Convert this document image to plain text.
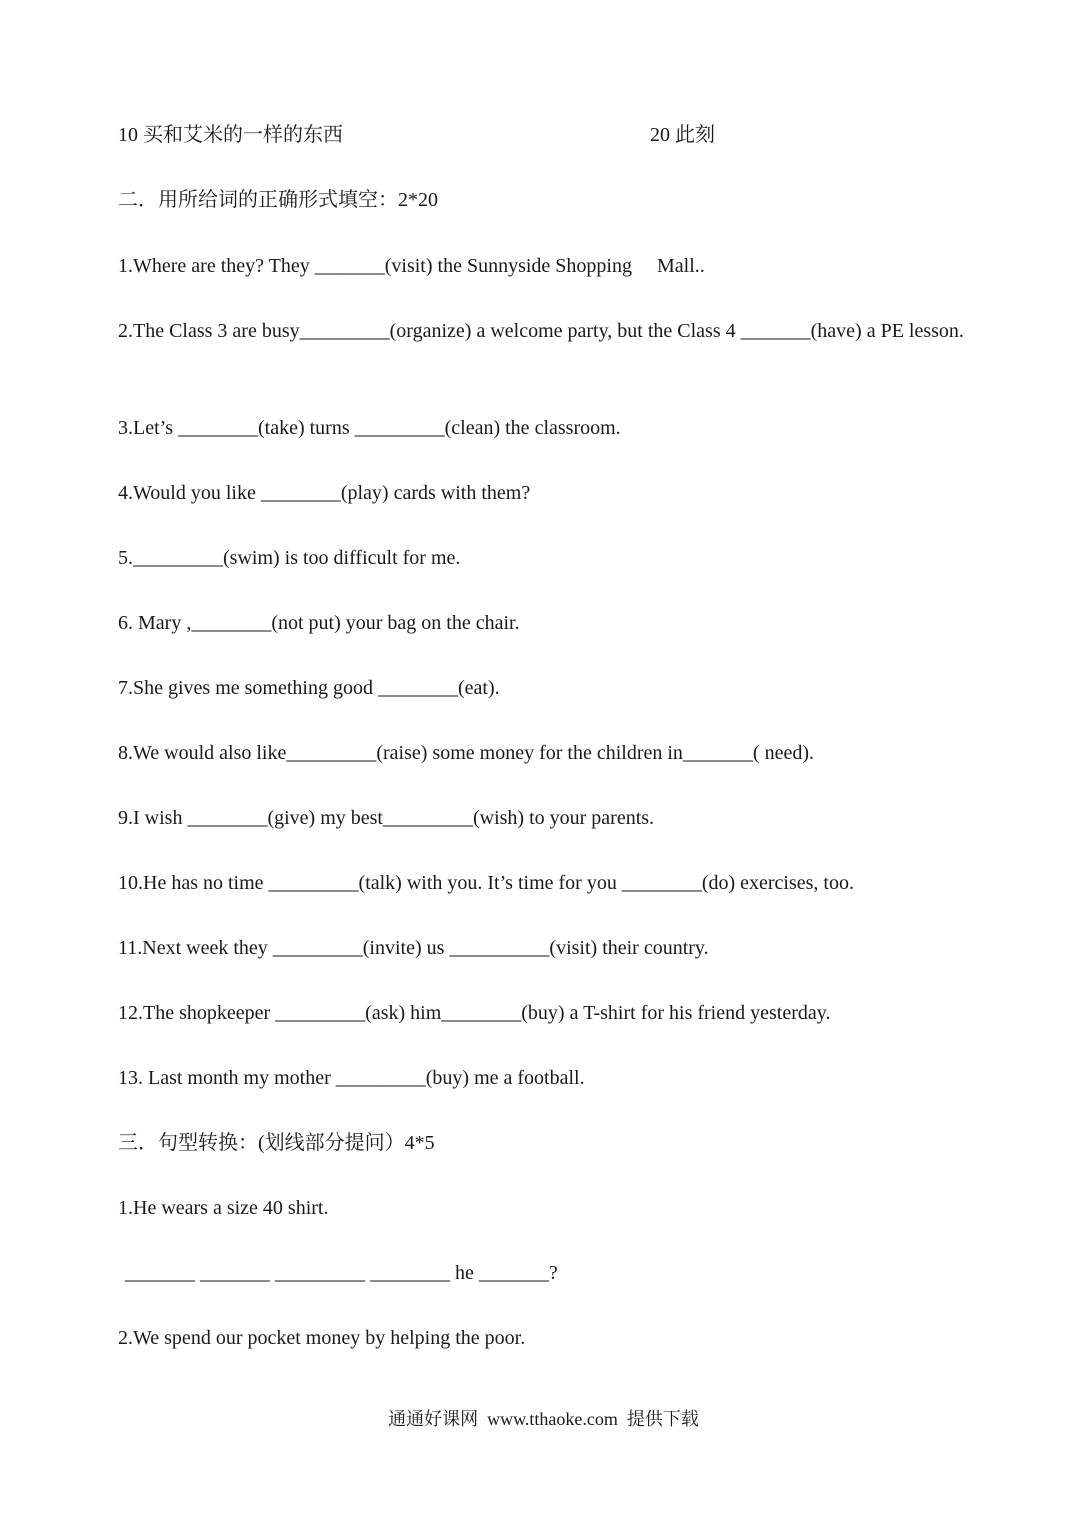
10 买和艾米的一样的东西	20 此刻
二．用所给词的正确形式填空：2*20
1.Where are they? They _______(visit) the Sunnyside Shopping     Mall..
2.The Class 3 are busy_________(organize) a welcome party, but the Class 4 _______(have) a PE lesson.
3.Let’s ________(take) turns _________(clean) the classroom.
4.Would you like ________(play) cards with them?
5._________(swim) is too difficult for me.
6. Mary ,________(not put) your bag on the chair.
7.She gives me something good ________(eat).
8.We would also like_________(raise) some money for the children in_______( need).
9.I wish ________(give) my best_________(wish) to your parents.
10.He has no time _________(talk) with you. It’s time for you ________(do) exercises, too.
11.Next week they _________(invite) us __________(visit) their country.
12.The shopkeeper _________(ask) him________(buy) a T-shirt for his friend yesterday.
13. Last month my mother _________(buy) me a football.
三．句型转换：(划线部分提问）4*5
1.He wears a size 40 shirt.
_______ _______ _________ ________ he _______?
2.We spend our pocket money by helping the poor.
通通好课网  www.tthaoke.com  提供下载
